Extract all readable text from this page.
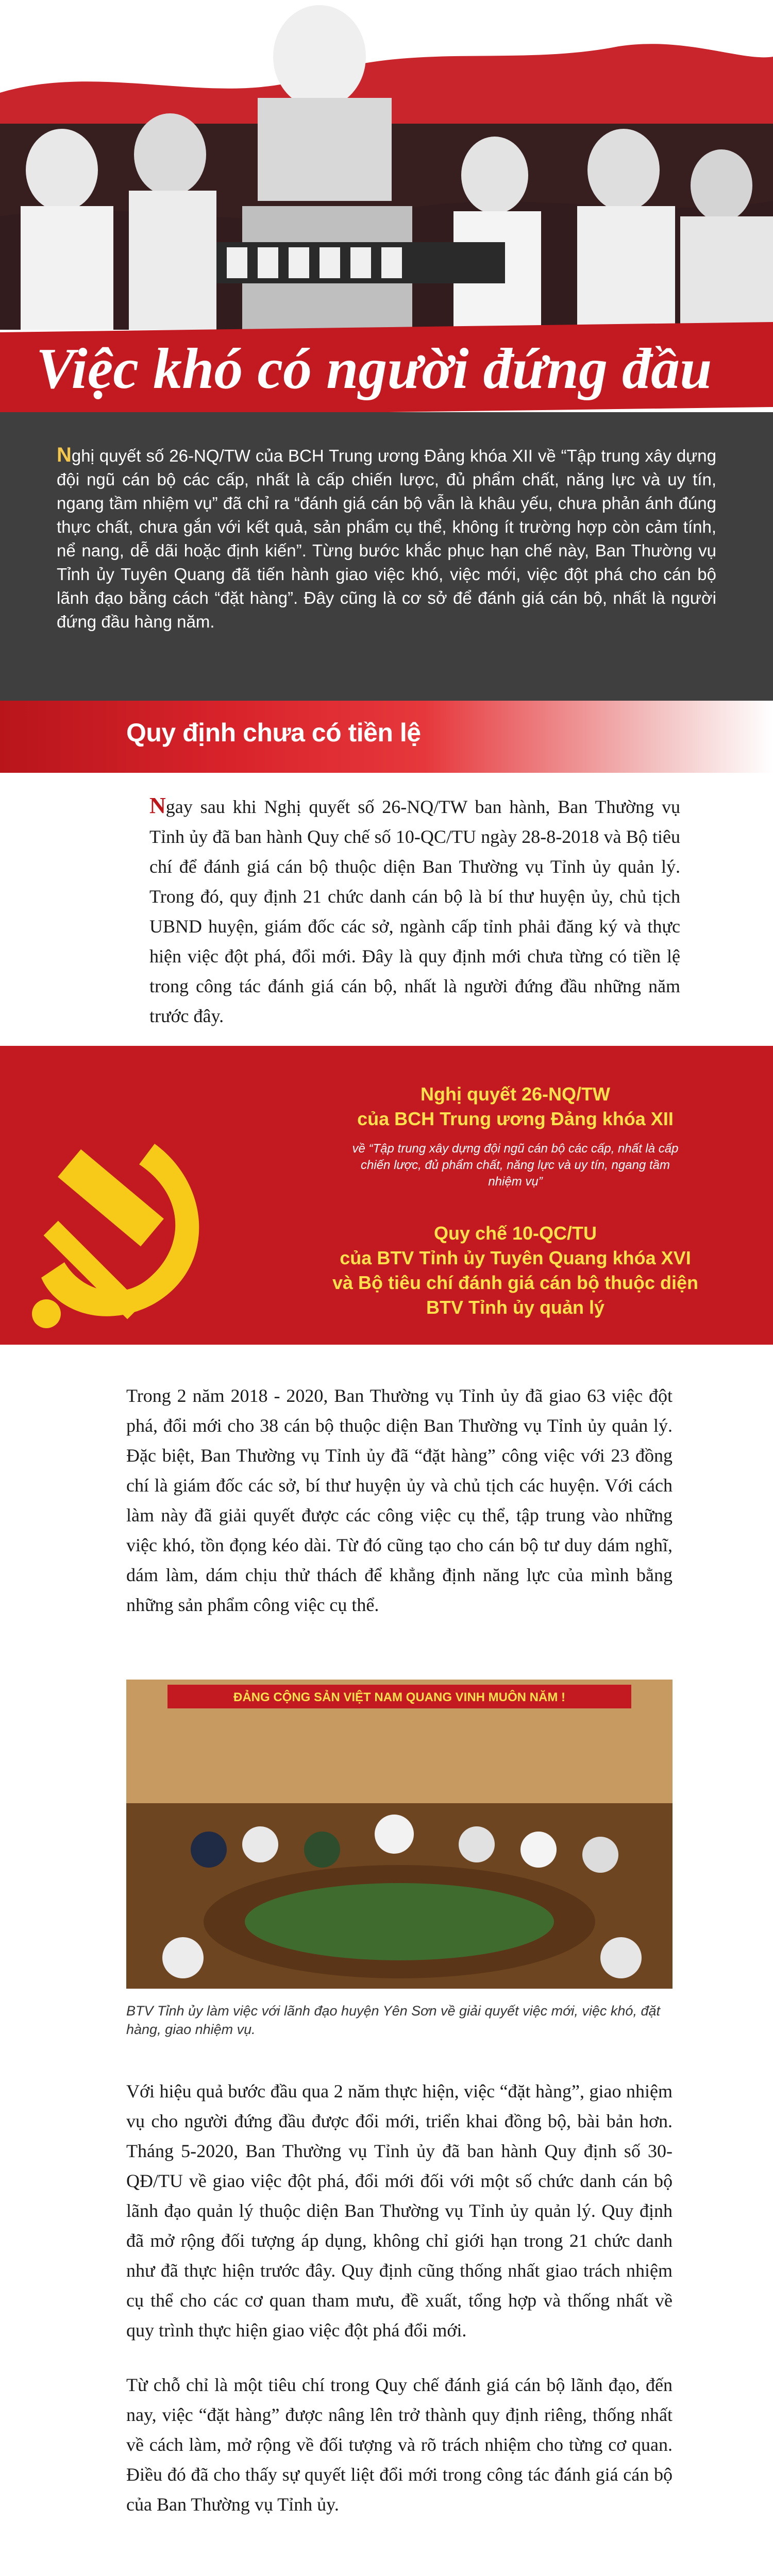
Việc khó có người đứng đầu

Nghị quyết số 26-NQ/TW của BCH Trung ương Đảng khóa XII về “Tập trung xây dựng đội ngũ cán bộ các cấp, nhất là cấp chiến lược, đủ phẩm chất, năng lực và uy tín, ngang tầm nhiệm vụ” đã chỉ ra “đánh giá cán bộ vẫn là khâu yếu, chưa phản ánh đúng thực chất, chưa gắn với kết quả, sản phẩm cụ thể, không ít trường hợp còn cảm tính, nể nang, dễ dãi hoặc định kiến”. Từng bước khắc phục hạn chế này, Ban Thường vụ Tỉnh ủy Tuyên Quang đã tiến hành giao việc khó, việc mới, việc đột phá cho cán bộ lãnh đạo bằng cách “đặt hàng”. Đây cũng là cơ sở để đánh giá cán bộ, nhất là người đứng đầu hàng năm.

Quy định chưa có tiền lệ

Ngay sau khi Nghị quyết số 26-NQ/TW ban hành, Ban Thường vụ Tỉnh ủy đã ban hành Quy chế số 10-QC/TU ngày 28-8-2018 và Bộ tiêu chí để đánh giá cán bộ thuộc diện Ban Thường vụ Tỉnh ủy quản lý. Trong đó, quy định 21 chức danh cán bộ là bí thư huyện ủy, chủ tịch UBND huyện, giám đốc các sở, ngành cấp tỉnh phải đăng ký và thực hiện việc đột phá, đổi mới. Đây là quy định mới chưa từng có tiền lệ trong công tác đánh giá cán bộ, nhất là người đứng đầu những năm trước đây.

Nghị quyết 26-NQ/TW
của BCH Trung ương Đảng khóa XII
về “Tập trung xây dựng đội ngũ cán bộ các cấp, nhất là cấp chiến lược, đủ phẩm chất, năng lực và uy tín, ngang tầm nhiệm vụ”
Quy chế 10-QC/TU
của BTV Tỉnh ủy Tuyên Quang khóa XVI
và Bộ tiêu chí đánh giá cán bộ thuộc diện
BTV Tỉnh ủy quản lý

Trong 2 năm 2018 - 2020, Ban Thường vụ Tỉnh ủy đã giao 63 việc đột phá, đổi mới cho 38 cán bộ thuộc diện Ban Thường vụ Tỉnh ủy quản lý. Đặc biệt, Ban Thường vụ Tỉnh ủy đã “đặt hàng” công việc với 23 đồng chí là giám đốc các sở, bí thư huyện ủy và chủ tịch các huyện. Với cách làm này đã giải quyết được các công việc cụ thể, tập trung vào những việc khó, tồn đọng kéo dài. Từ đó cũng tạo cho cán bộ tư duy dám nghĩ, dám làm, dám chịu thử thách để khẳng định năng lực của mình bằng những sản phẩm công việc cụ thể.

ĐẢNG CỘNG SẢN VIỆT NAM QUANG VINH MUÔN NĂM !

BTV Tỉnh ủy làm việc với lãnh đạo huyện Yên Sơn về giải quyết việc mới, việc khó, đặt hàng, giao nhiệm vụ.

Với hiệu quả bước đầu qua 2 năm thực hiện, việc “đặt hàng”, giao nhiệm vụ cho người đứng đầu được đổi mới, triển khai đồng bộ, bài bản hơn. Tháng 5-2020, Ban Thường vụ Tỉnh ủy đã ban hành Quy định số 30-QĐ/TU về giao việc đột phá, đổi mới đối với một số chức danh cán bộ lãnh đạo quản lý thuộc diện Ban Thường vụ Tỉnh ủy quản lý. Quy định đã mở rộng đối tượng áp dụng, không chỉ giới hạn trong 21 chức danh như đã thực hiện trước đây. Quy định cũng thống nhất giao trách nhiệm cụ thể cho các cơ quan tham mưu, đề xuất, tổng hợp và thống nhất về quy trình thực hiện giao việc đột phá đổi mới.

Từ chỗ chỉ là một tiêu chí trong Quy chế đánh giá cán bộ lãnh đạo, đến nay, việc “đặt hàng” được nâng lên trở thành quy định riêng, thống nhất về cách làm, mở rộng về đối tượng và rõ trách nhiệm cho từng cơ quan. Điều đó đã cho thấy sự quyết liệt đổi mới trong công tác đánh giá cán bộ của Ban Thường vụ Tỉnh ủy.
